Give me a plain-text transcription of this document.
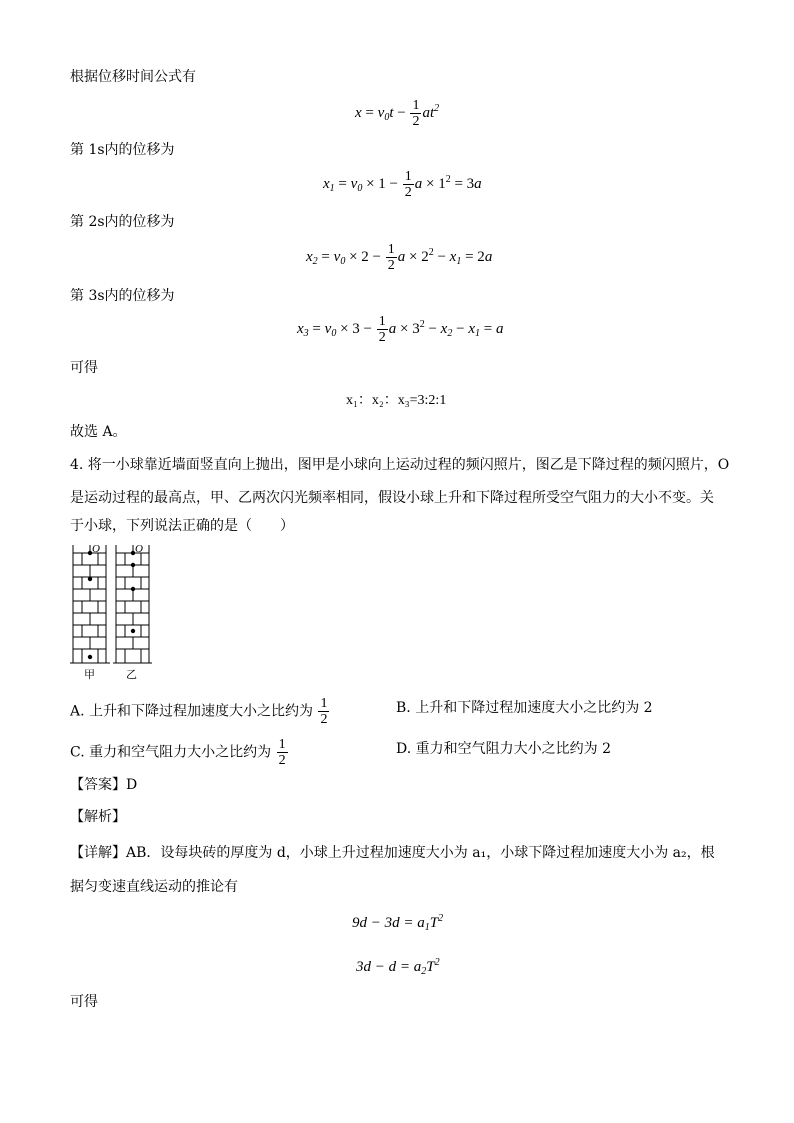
根据位移时间公式有
$x = v_0t - \frac{1}{2} at^2$
第 1s内的位移为
$x_1 = v_0 \times 1 - \frac{1}{2}$ $a \times 1^2 = 3a$
第 2s内的位移为
$x_2 = v_0 \times 2 - \frac{1}{2}$ $a \times 2^2 - x_1 = 2a$
第 3s内的位移为
$x_3 = v_0 \times 3 - \frac{1}{2}$ $a \times 3^2 - x_2 - x_1 = a$
可得
x₁：x₂：x₃=3:2:1
故选 A。
4. 将一小球靠近墙面竖直向上抛出，图甲是小球向上运动过程的频闪照片，图乙是下降过程的频闪照片，O
是运动过程的最高点，甲、乙两次闪光频率相同，假设小球上升和下降过程所受空气阻力的大小不变。关
于小球，下列说法正确的是（　　）
O	O
甲	乙
A. 上升和下降过程加速度大小之比约为 $\frac{1}{2}$	B. 上升和下降过程加速度大小之比约为 2
C. 重力和空气阻力大小之比约为 $\frac{1}{2}$	D. 重力和空气阻力大小之比约为 2
【答案】D
【解析】
【详解】AB．设每块砖的厚度为 d，小球上升过程加速度大小为 a₁，小球下降过程加速度大小为 a₂，根
据匀变速直线运动的推论有
$9d - 3d = a_1T^2$
$3d - d = a_2T^2$
可得
